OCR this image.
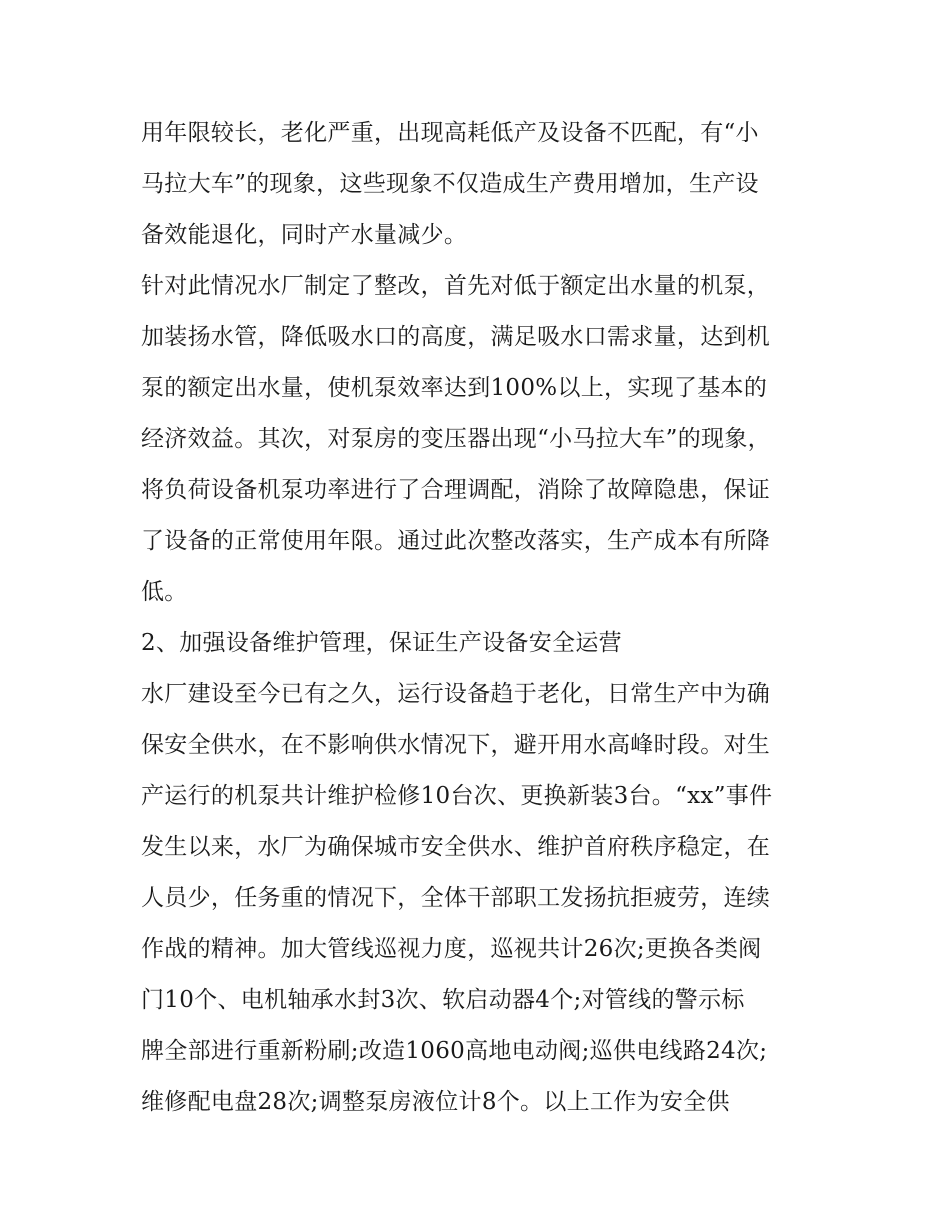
用年限较长，老化严重，出现高耗低产及设备不匹配，有“小
马拉大车”的现象，这些现象不仅造成生产费用增加，生产设
备效能退化，同时产水量减少。
针对此情况水厂制定了整改，首先对低于额定出水量的机泵，
加装扬水管，降低吸水口的高度，满足吸水口需求量，达到机
泵的额定出水量，使机泵效率达到100%以上，实现了基本的
经济效益。其次，对泵房的变压器出现“小马拉大车”的现象，
将负荷设备机泵功率进行了合理调配，消除了故障隐患，保证
了设备的正常使用年限。通过此次整改落实，生产成本有所降
低。
2、加强设备维护管理，保证生产设备安全运营
水厂建设至今已有之久，运行设备趋于老化，日常生产中为确
保安全供水，在不影响供水情况下，避开用水高峰时段。对生
产运行的机泵共计维护检修10台次、更换新装3台。“xx”事件
发生以来，水厂为确保城市安全供水、维护首府秩序稳定，在
人员少，任务重的情况下，全体干部职工发扬抗拒疲劳，连续
作战的精神。加大管线巡视力度，巡视共计26次;更换各类阀
门10个、电机轴承水封3次、软启动器4个;对管线的警示标
牌全部进行重新粉刷;改造1060高地电动阀;巡供电线路24次;
维修配电盘28次;调整泵房液位计8个。以上工作为安全供
